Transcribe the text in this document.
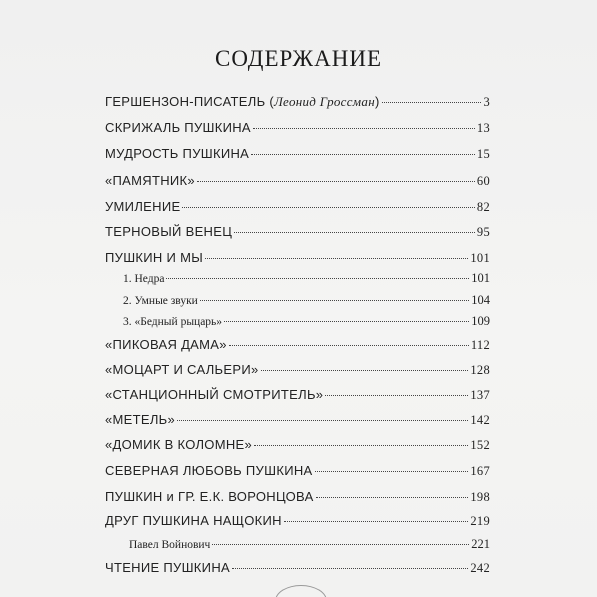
СОДЕРЖАНИЕ
ГЕРШЕНЗОН-ПИСАТЕЛЬ (Леонид Гроссман)	3
СКРИЖАЛЬ ПУШКИНА	13
МУДРОСТЬ ПУШКИНА	15
«ПАМЯТНИК»	60
УМИЛЕНИЕ	82
ТЕРНОВЫЙ ВЕНЕЦ	95
ПУШКИН И МЫ	101
1. Недра	101
2. Умные звуки	104
3. «Бедный рыцарь»	109
«ПИКОВАЯ ДАМА»	112
«МОЦАРТ И САЛЬЕРИ»	128
«СТАНЦИОННЫЙ СМОТРИТЕЛЬ»	137
«МЕТЕЛЬ»	142
«ДОМИК В КОЛОМНЕ»	152
СЕВЕРНАЯ ЛЮБОВЬ ПУШКИНА	167
ПУШКИН и ГР. Е.К. ВОРОНЦОВА	198
ДРУГ ПУШКИНА НАЩОКИН	219
Павел Войнович	221
ЧТЕНИЕ ПУШКИНА	242
